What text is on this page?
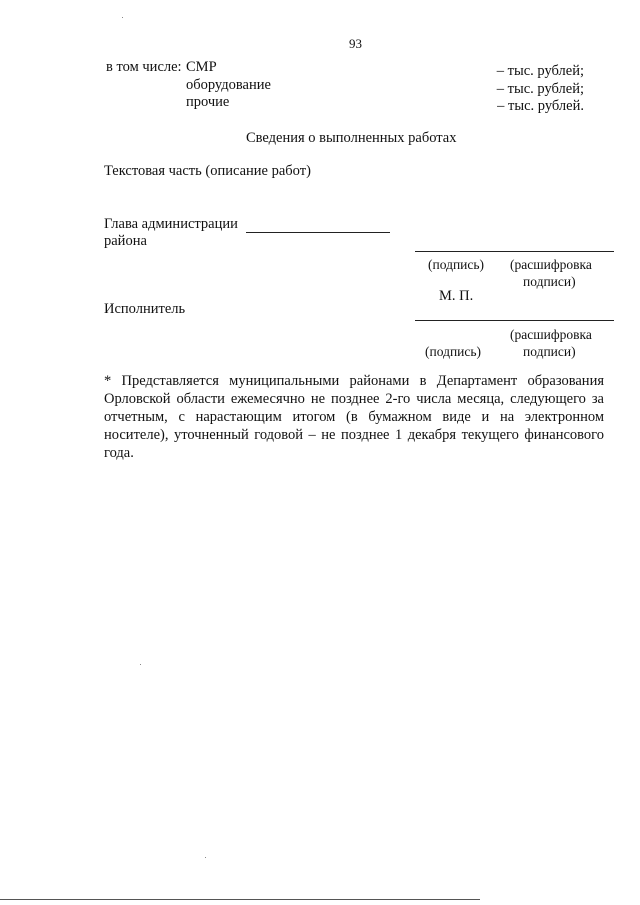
93
в том числе: СМР
оборудование
прочие
– тыс. рублей;
– тыс. рублей;
– тыс. рублей.
Сведения о выполненных работах
Текстовая часть (описание работ)
Глава администрации
района
(подпись) (расшифровка
подписи)
М. П.
Исполнитель
(расшифровка
(подпись)	подписи)
* Представляется муниципальными районами в Департамент образования Орловской области ежемесячно не позднее 2-го числа месяца, следующего за отчетным, с нарастающим итогом (в бумажном виде и на электронном носителе), уточненный годовой – не позднее 1 декабря текущего финансового года.
